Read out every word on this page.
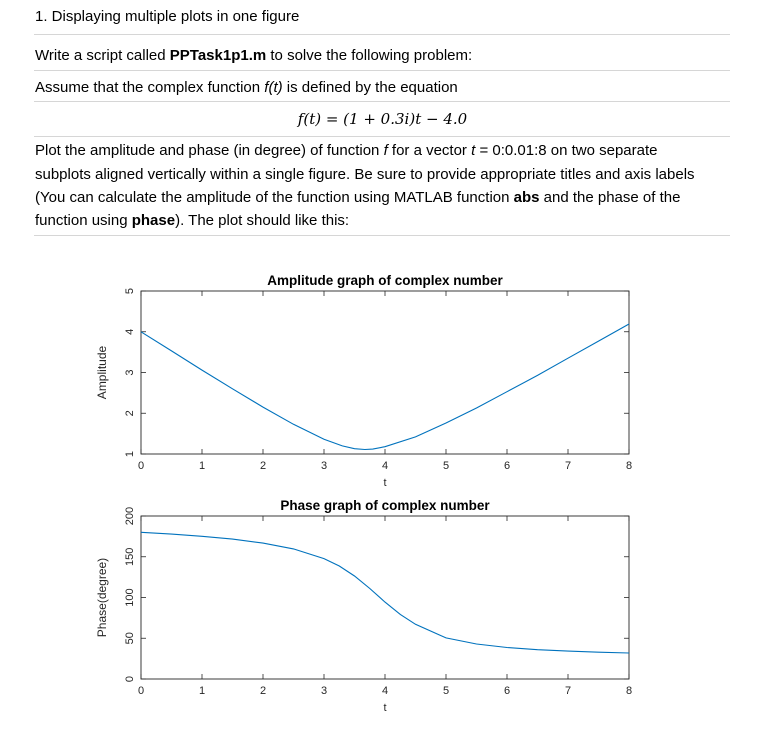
1. Displaying multiple plots in one figure
Write a script called PPTask1p1.m to solve the following problem:
Assume that the complex function f(t) is defined by the equation
f(t) = (1 + 0.3i)t − 4.0
Plot the amplitude and phase (in degree) of function f for a vector t = 0:0.01:8 on two separate
subplots aligned vertically within a single figure. Be sure to provide appropriate titles and axis labels
(You can calculate the amplitude of the function using MATLAB function abs and the phase of the
function using phase). The plot should like this:
0	1	2	3	4	5	6	7	8
1
2
3
4
5
Amplitude graph of complex number
t
Amplitude
0	1	2	3	4	5	6	7	8
0
50
100
150
200
Phase graph of complex number
t
Phase(degree)
